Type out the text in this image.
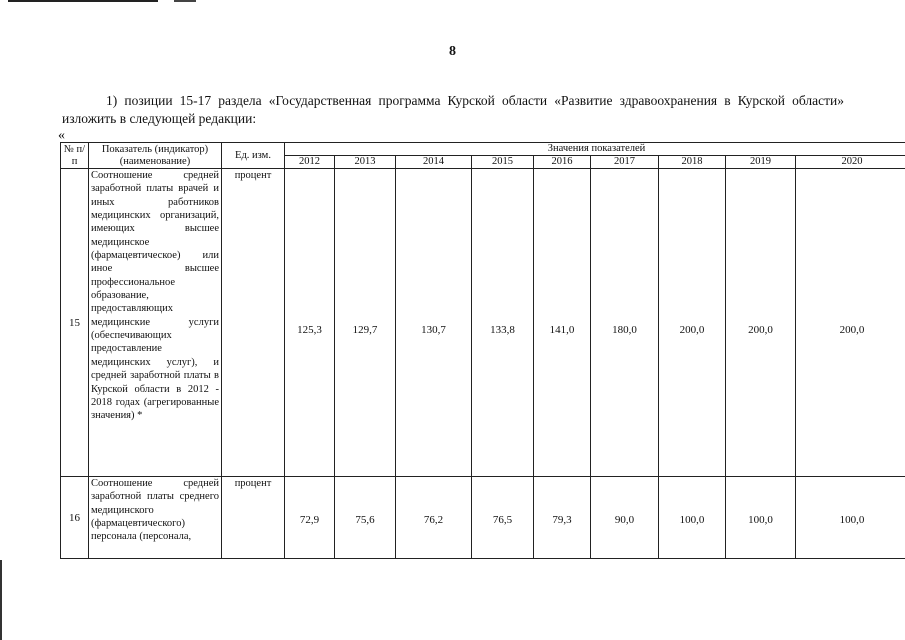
8
1) позиции 15-17 раздела «Государственная программа Курской области «Развитие здравоохранения в Курской области» изложить в следующей редакции:
«
№ п/п	Показатель (индикатор) (наименование)	Ед. изм.	Значения показателей								
			2012	2013	2014	2015	2016	2017	2018	2019	2020
15	Соотношение средней заработной платы врачей и иных работников медицинских организаций, имеющих высшее медицинское (фармацевтическое) или иное высшее профессиональное образование, предоставляющих медицинские услуги (обеспечивающих предоставление медицинских услуг), и средней заработной платы в Курской области в 2012 - 2018 годах (агрегированные значения) *	процент	125,3	129,7	130,7	133,8	141,0	180,0	200,0	200,0	200,0
16	Соотношение средней заработной платы среднего медицинского (фармацевтического) персонала (персонала,	процент	72,9	75,6	76,2	76,5	79,3	90,0	100,0	100,0	100,0
